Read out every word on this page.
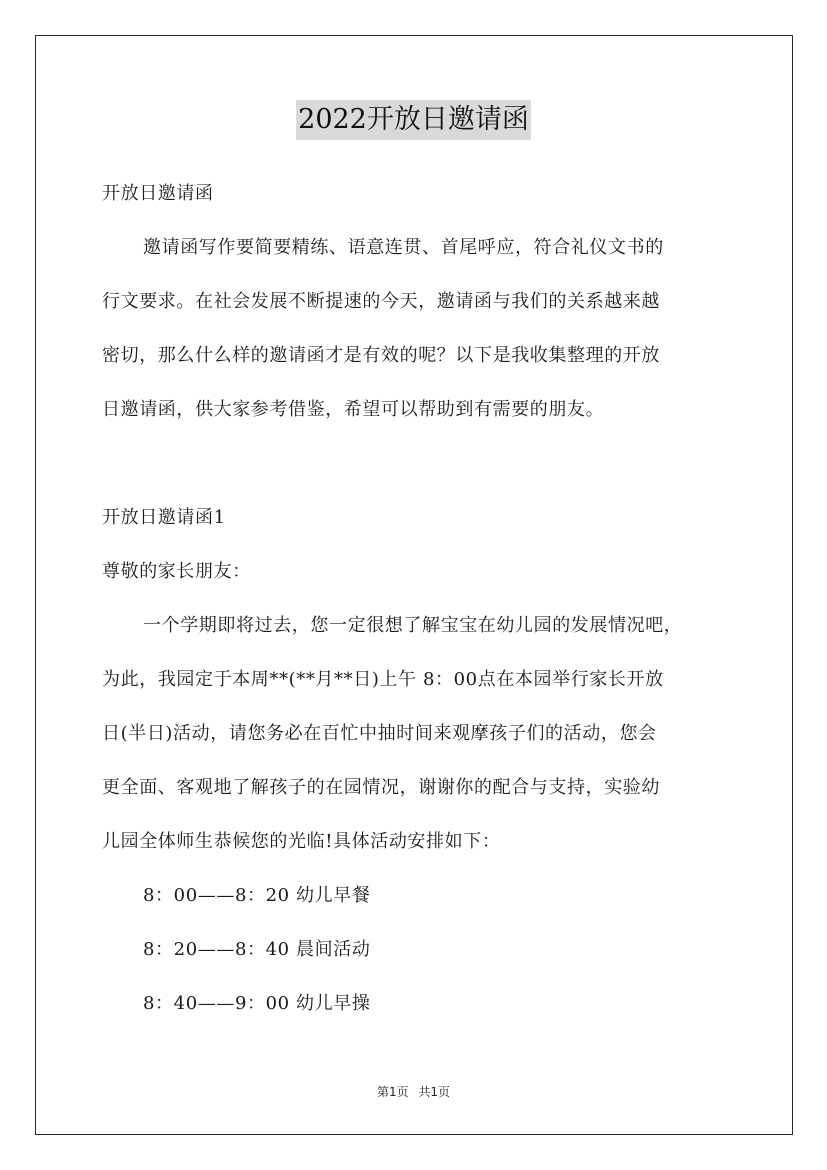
2022开放日邀请函
开放日邀请函
邀请函写作要简要精练、语意连贯、首尾呼应，符合礼仪文书的
行文要求。在社会发展不断提速的今天，邀请函与我们的关系越来越
密切，那么什么样的邀请函才是有效的呢？以下是我收集整理的开放
日邀请函，供大家参考借鉴，希望可以帮助到有需要的朋友。
开放日邀请函1
尊敬的家长朋友：
一个学期即将过去，您一定很想了解宝宝在幼儿园的发展情况吧，
为此，我园定于本周**(**月**日)上午 8：00点在本园举行家长开放
日(半日)活动，请您务必在百忙中抽时间来观摩孩子们的活动，您会
更全面、客观地了解孩子的在园情况，谢谢你的配合与支持，实验幼
儿园全体师生恭候您的光临!具体活动安排如下：
8：00——8：20 幼儿早餐
8：20——8：40 晨间活动
8：40——9：00 幼儿早操
第1页 共1页
